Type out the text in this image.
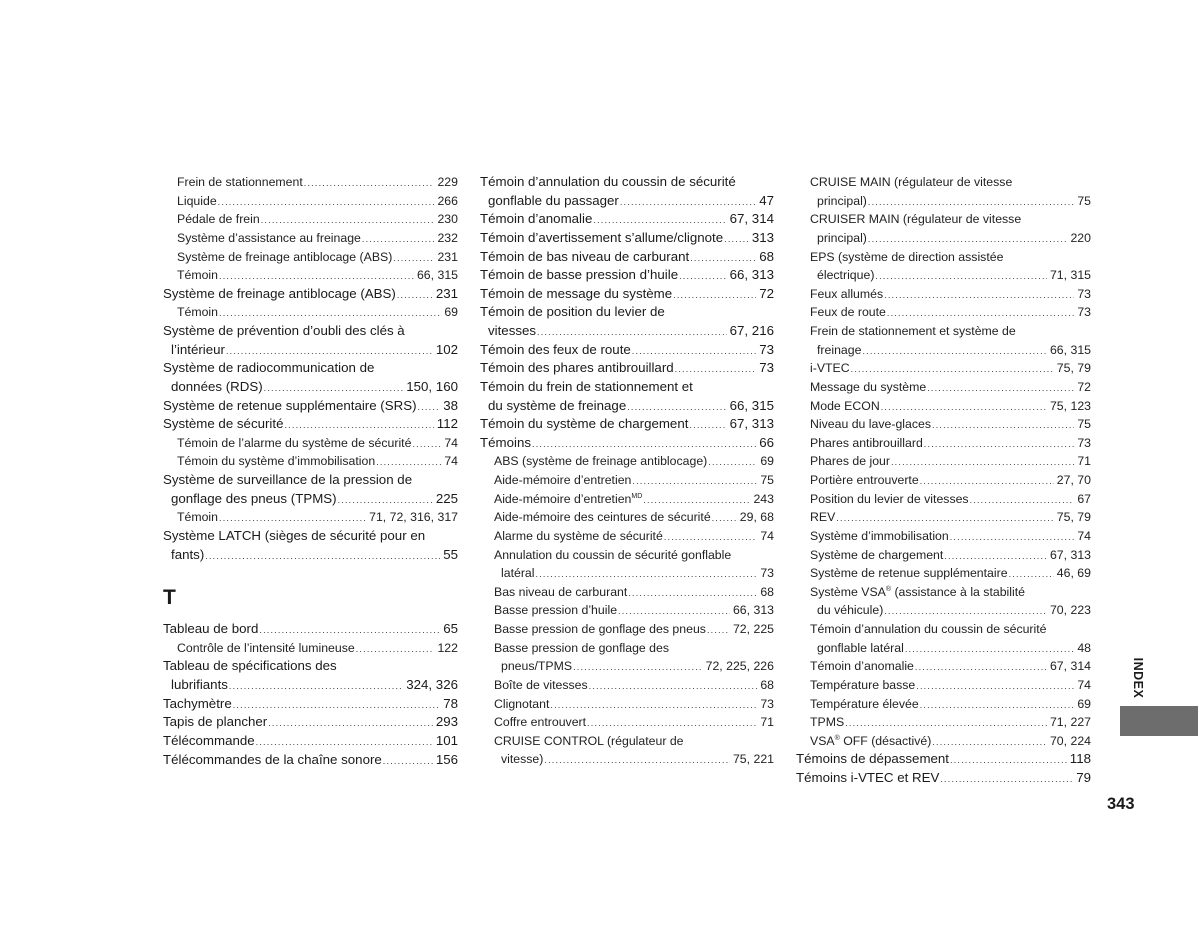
Frein de stationnement .....	229
Liquide .....	266
Pédale de frein .....	230
Système d’assistance au freinage .....	232
Système de freinage antiblocage (ABS) .....	231
Témoin .....	66, 315
Système de freinage antiblocage (ABS) .....	231
Témoin .....	69
Système de prévention d’oubli des clés à
l’intérieur .....	102
Système de radiocommunication de
données (RDS) .....	150, 160
Système de retenue supplémentaire (SRS) ..... 38
Système de sécurité .....	112
Témoin de l’alarme du système de sécurité .....	74
Témoin du système d’immobilisation .....	74
Système de surveillance de la pression de
gonflage des pneus (TPMS) .....	225
Témoin .....	71, 72, 316, 317
Système LATCH (sièges de sécurité pour en
fants) .....	55
T
Tableau de bord .....	65
Contrôle de l’intensité lumineuse .....	122
Tableau de spécifications des
lubrifiants .....	324, 326
Tachymètre .....	78
Tapis de plancher .....	293
Télécommande .....	101
Télécommandes de la chaîne sonore .....	156
Témoin d’annulation du coussin de sécurité
gonflable du passager .....	47
Témoin d’anomalie .....	67, 314
Témoin d’avertissement s’allume/clignote ..... 313
Témoin de bas niveau de carburant .....	68
Témoin de basse pression d’huile .....	66, 313
Témoin de message du système .....	72
Témoin de position du levier de
vitesses .....	67, 216
Témoin des feux de route .....	73
Témoin des phares antibrouillard .....	73
Témoin du frein de stationnement et
du système de freinage .....	66, 315
Témoin du système de chargement .....	67, 313
Témoins .....	66
ABS (système de freinage antiblocage) .....	69
Aide-mémoire d’entretien .....	75
Aide-mémoire d’entretien$^{MD}$ .....	243
Aide-mémoire des ceintures de sécurité ..... 29, 68
Alarme du système de sécurité .....	74
Annulation du coussin de sécurité gonflable
latéral .....	73
Bas niveau de carburant .....	68
Basse pression d’huile .....	66, 313
Basse pression de gonflage des pneus ..... 72, 225
Basse pression de gonflage des
pneus/TPMS .....	72, 225, 226
Boîte de vitesses .....	68
Clignotant .....	73
Coffre entrouvert .....	71
CRUISE CONTROL (régulateur de
vitesse) .....	75, 221
CRUISE MAIN (régulateur de vitesse
principal) .....	75
CRUISER MAIN (régulateur de vitesse
principal) .....	220
EPS (système de direction assistée
électrique) .....	71, 315
Feux allumés .....	73
Feux de route .....	73
Frein de stationnement et système de
freinage .....	66, 315
i-VTEC .....	75, 79
Message du système .....	72
Mode ECON .....	75, 123
Niveau du lave-glaces .....	75
Phares antibrouillard .....	73
Phares de jour .....	71
Portière entrouverte .....	27, 70
Position du levier de vitesses .....	67
REV .....	75, 79
Système d’immobilisation .....	74
Système de chargement .....	67, 313
Système de retenue supplémentaire .....	46, 69
Système VSA® (assistance à la stabilité
du véhicule) .....	70, 223
Témoin d’annulation du coussin de sécurité
gonflable latéral .....	48
Témoin d’anomalie .....	67, 314
Température basse .....	74
Température élevée .....	69
TPMS .....	71, 227
VSA® OFF (désactivé) .....	70, 224
Témoins de dépassement .....	118
Témoins i-VTEC et REV .....	79
INDEX
343
